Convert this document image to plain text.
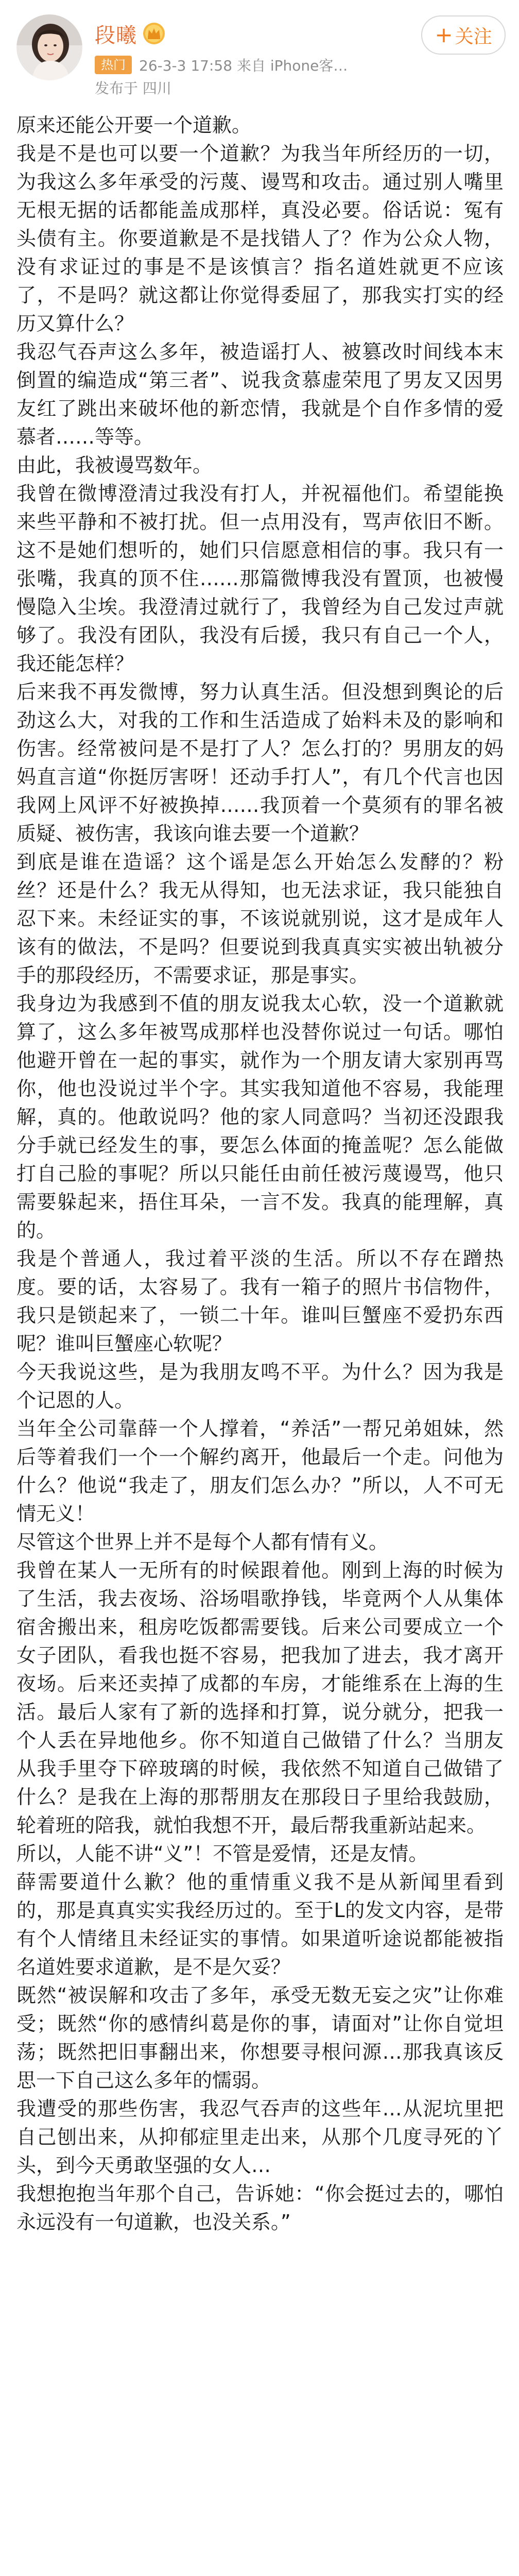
段曦
热门 26-3-3 17:58 来自 iPhone客…
发布于 四川
+ 关注

原来还能公开要一个道歉。

我是不是也可以要一个道歉？为我当年所经历的一切，为我这么多年承受的污蔑、谩骂和攻击。通过别人嘴里无根无据的话都能盖成那样，真没必要。俗话说：冤有头债有主。你要道歉是不是找错人了？作为公众人物，没有求证过的事是不是该慎言？指名道姓就更不应该了，不是吗？就这都让你觉得委屈了，那我实打实的经历又算什么？

我忍气吞声这么多年，被造谣打人、被篡改时间线本末倒置的编造成“第三者”、说我贪慕虚荣甩了男友又因男友红了跳出来破坏他的新恋情，我就是个自作多情的爱慕者……等等。

由此，我被谩骂数年。

我曾在微博澄清过我没有打人，并祝福他们。希望能换来些平静和不被打扰。但一点用没有，骂声依旧不断。这不是她们想听的，她们只信愿意相信的事。我只有一张嘴，我真的顶不住……那篇微博我没有置顶，也被慢慢隐入尘埃。我澄清过就行了，我曾经为自己发过声就够了。我没有团队，我没有后援，我只有自己一个人，我还能怎样？

后来我不再发微博，努力认真生活。但没想到舆论的后劲这么大，对我的工作和生活造成了始料未及的影响和伤害。经常被问是不是打了人？怎么打的？男朋友的妈妈直言道“你挺厉害呀！还动手打人”，有几个代言也因我网上风评不好被换掉……我顶着一个莫须有的罪名被质疑、被伤害，我该向谁去要一个道歉？

到底是谁在造谣？这个谣是怎么开始怎么发酵的？粉丝？还是什么？我无从得知，也无法求证，我只能独自忍下来。未经证实的事，不该说就别说，这才是成年人该有的做法，不是吗？但要说到我真真实实被出轨被分手的那段经历，不需要求证，那是事实。

我身边为我感到不值的朋友说我太心软，没一个道歉就算了，这么多年被骂成那样也没替你说过一句话。哪怕他避开曾在一起的事实，就作为一个朋友请大家别再骂你，他也没说过半个字。其实我知道他不容易，我能理解，真的。他敢说吗？他的家人同意吗？当初还没跟我分手就已经发生的事，要怎么体面的掩盖呢？怎么能做打自己脸的事呢？所以只能任由前任被污蔑谩骂，他只需要躲起来，捂住耳朵，一言不发。我真的能理解，真的。

我是个普通人，我过着平淡的生活。所以不存在蹭热度。要的话，太容易了。我有一箱子的照片书信物件，我只是锁起来了，一锁二十年。谁叫巨蟹座不爱扔东西呢？谁叫巨蟹座心软呢？

今天我说这些，是为我朋友鸣不平。为什么？因为我是个记恩的人。

当年全公司靠薛一个人撑着，“养活”一帮兄弟姐妹，然后等着我们一个一个解约离开，他最后一个走。问他为什么？他说“我走了，朋友们怎么办？”所以，人不可无情无义！

尽管这个世界上并不是每个人都有情有义。

我曾在某人一无所有的时候跟着他。刚到上海的时候为了生活，我去夜场、浴场唱歌挣钱，毕竟两个人从集体宿舍搬出来，租房吃饭都需要钱。后来公司要成立一个女子团队，看我也挺不容易，把我加了进去，我才离开夜场。后来还卖掉了成都的车房，才能维系在上海的生活。最后人家有了新的选择和打算，说分就分，把我一个人丢在异地他乡。你不知道自己做错了什么？当朋友从我手里夺下碎玻璃的时候，我依然不知道自己做错了什么？是我在上海的那帮朋友在那段日子里给我鼓励，轮着班的陪我，就怕我想不开，最后帮我重新站起来。

所以，人能不讲“义”！不管是爱情，还是友情。

薛需要道什么歉？他的重情重义我不是从新闻里看到的，那是真真实实我经历过的。至于L的发文内容，是带有个人情绪且未经证实的事情。如果道听途说都能被指名道姓要求道歉，是不是欠妥？

既然“被误解和攻击了多年，承受无数无妄之灾”让你难受；既然“你的感情纠葛是你的事，请面对”让你自觉坦荡；既然把旧事翻出来，你想要寻根问源…那我真该反思一下自己这么多年的懦弱。

我遭受的那些伤害，我忍气吞声的这些年…从泥坑里把自己刨出来，从抑郁症里走出来，从那个几度寻死的丫头，到今天勇敢坚强的女人…

我想抱抱当年那个自己，告诉她：“你会挺过去的，哪怕永远没有一句道歉，也没关系。”
